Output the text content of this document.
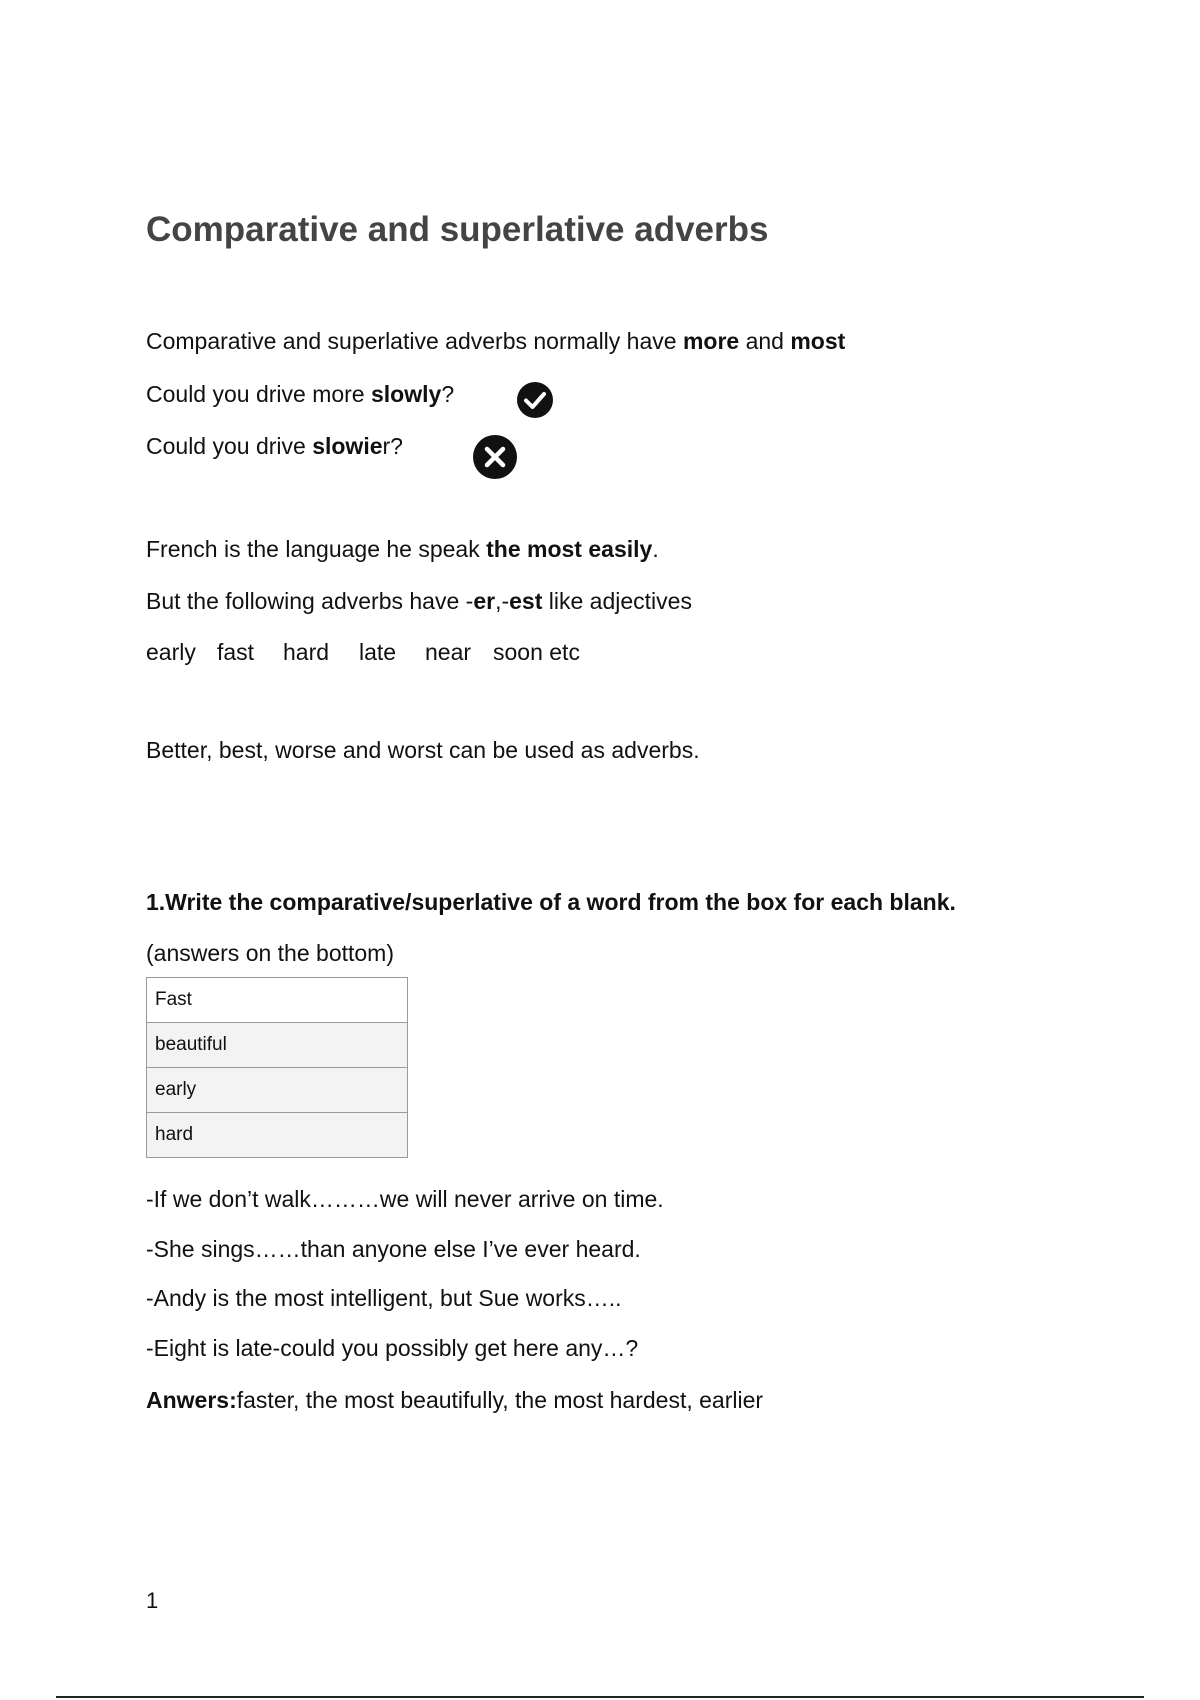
Comparative and superlative adverbs

Comparative and superlative adverbs normally have more and most

Could you drive more slowly?

Could you drive slowier?

French is the language he speak the most easily.

But the following adverbs have -er,-est like adjectives

early fast hard late near soon etc

Better, best, worse and worst can be used as adverbs.

1.Write the comparative/superlative of a word from the box for each blank.

(answers on the bottom)

Fast
beautiful
early
hard

-If we don’t walk………we will never arrive on time.

-She sings……than anyone else I’ve ever heard.

-Andy is the most intelligent, but Sue works…..

-Eight is late-could you possibly get here any…?

Anwers:faster, the most beautifully, the most hardest, earlier

1
